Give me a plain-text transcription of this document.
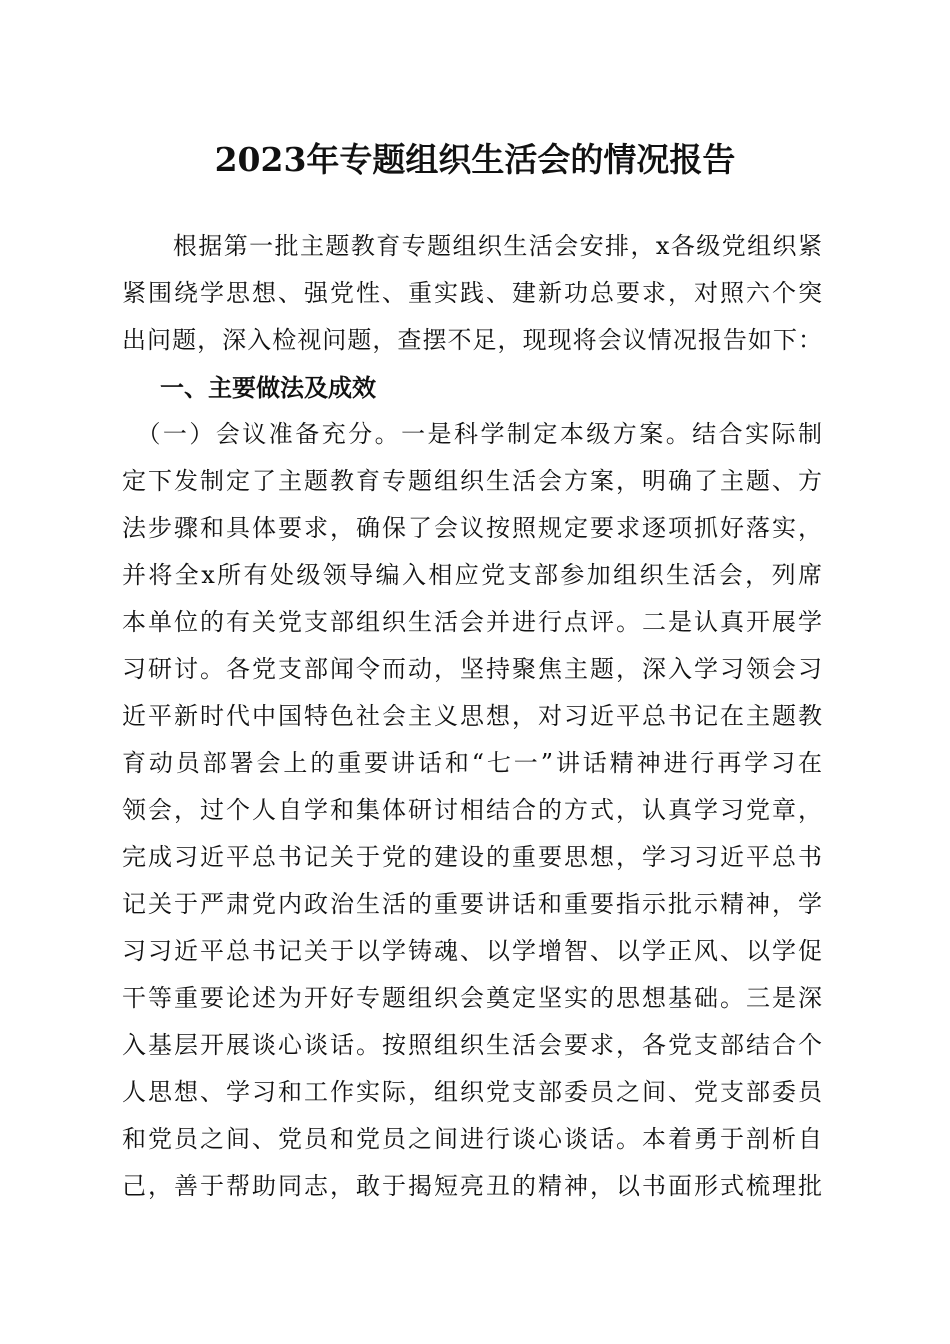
2023年专题组织生活会的情况报告
　　根据第一批主题教育专题组织生活会安排，x各级党组织紧
紧围绕学思想、强党性、重实践、建新功总要求，对照六个突
出问题，深入检视问题，查摆不足，现现将会议情况报告如下：
一、主要做法及成效
　（一）会议准备充分。一是科学制定本级方案。结合实际制
定下发制定了主题教育专题组织生活会方案，明确了主题、方
法步骤和具体要求，确保了会议按照规定要求逐项抓好落实，
并将全x所有处级领导编入相应党支部参加组织生活会，列席
本单位的有关党支部组织生活会并进行点评。二是认真开展学
习研讨。各党支部闻令而动，坚持聚焦主题，深入学习领会习
近平新时代中国特色社会主义思想，对习近平总书记在主题教
育动员部署会上的重要讲话和“七一”讲话精神进行再学习在
领会，过个人自学和集体研讨相结合的方式，认真学习党章，
完成习近平总书记关于党的建设的重要思想，学习习近平总书
记关于严肃党内政治生活的重要讲话和重要指示批示精神，学
习习近平总书记关于以学铸魂、以学增智、以学正风、以学促
干等重要论述为开好专题组织会奠定坚实的思想基础。三是深
入基层开展谈心谈话。按照组织生活会要求，各党支部结合个
人思想、学习和工作实际，组织党支部委员之间、党支部委员
和党员之间、党员和党员之间进行谈心谈话。本着勇于剖析自
己，善于帮助同志，敢于揭短亮丑的精神，以书面形式梳理批
